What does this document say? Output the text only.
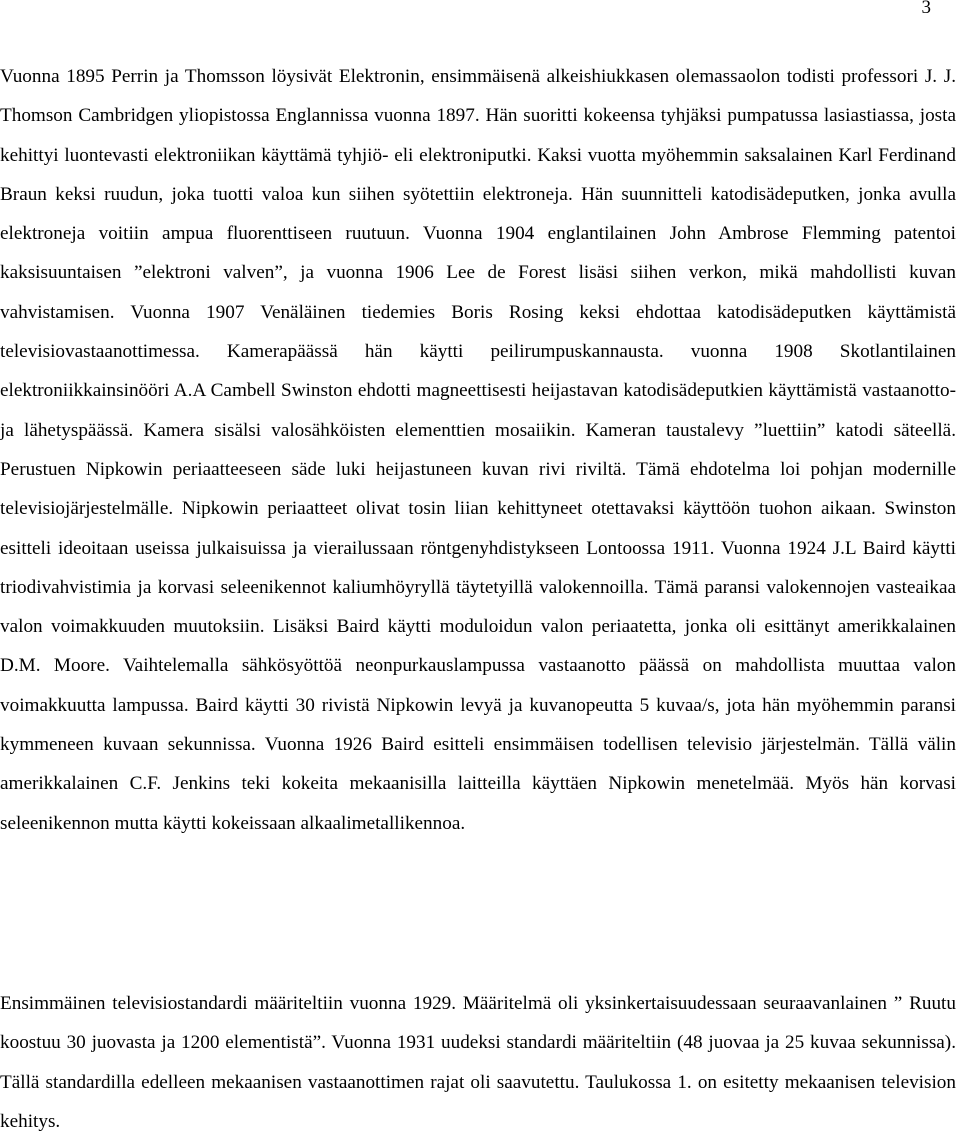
3

Vuonna 1895 Perrin ja Thomsson löysivät Elektronin, ensimmäisenä alkeishiukkasen olemassaolon todisti professori J. J. Thomson Cambridgen yliopistossa Englannissa vuonna 1897. Hän suoritti kokeensa tyhjäksi pumpatussa lasiastiassa, josta kehittyi luontevasti elektroniikan käyttämä tyhjiö- eli elektroniputki. Kaksi vuotta myöhemmin saksalainen Karl Ferdinand Braun keksi ruudun, joka tuotti valoa kun siihen syötettiin elektroneja. Hän suunnitteli katodisädeputken, jonka avulla elektroneja voitiin ampua fluorenttiseen ruutuun. Vuonna 1904 englantilainen John Ambrose Flemming patentoi kaksisuuntaisen ”elektroni valven”, ja vuonna 1906 Lee de Forest lisäsi siihen verkon, mikä mahdollisti kuvan vahvistamisen. Vuonna 1907 Venäläinen tiedemies Boris Rosing keksi ehdottaa katodisädeputken käyttämistä televisiovastaanottimessa. Kamerapäässä hän käytti peilirumpuskannausta. vuonna 1908 Skotlantilainen elektroniikkainsinööri A.A Cambell Swinston ehdotti magneettisesti heijastavan katodisädeputkien käyttämistä vastaanotto- ja lähetyspäässä. Kamera sisälsi valosähköisten elementtien mosaiikin. Kameran taustalevy ”luettiin” katodi säteellä. Perustuen Nipkowin periaatteeseen säde luki heijastuneen kuvan rivi riviltä. Tämä ehdotelma loi pohjan modernille televisiojärjestelmälle. Nipkowin periaatteet olivat tosin liian kehittyneet otettavaksi käyttöön tuohon aikaan. Swinston esitteli ideoitaan useissa julkaisuissa ja vierailussaan röntgenyhdistykseen Lontoossa 1911. Vuonna 1924 J.L Baird käytti triodivahvistimia ja korvasi seleenikennot kaliumhöyryllä täytetyillä valokennoilla. Tämä paransi valokennojen vasteaikaa valon voimakkuuden muutoksiin. Lisäksi Baird käytti moduloidun valon periaatetta, jonka oli esittänyt amerikkalainen D.M. Moore. Vaihtelemalla sähkösyöttöä neonpurkauslampussa vastaanotto päässä on mahdollista muuttaa valon voimakkuutta lampussa. Baird käytti 30 rivistä Nipkowin levyä ja kuvanopeutta 5 kuvaa/s, jota hän myöhemmin paransi kymmeneen kuvaan sekunnissa. Vuonna 1926 Baird esitteli ensimmäisen todellisen televisio järjestelmän. Tällä välin amerikkalainen C.F. Jenkins teki kokeita mekaanisilla laitteilla käyttäen Nipkowin menetelmää. Myös hän korvasi seleenikennon mutta käytti kokeissaan alkaalimetallikennoa.

Ensimmäinen televisiostandardi määriteltiin vuonna 1929. Määritelmä oli yksinkertaisuudessaan seuraavanlainen ” Ruutu koostuu 30 juovasta ja 1200 elementistä”. Vuonna 1931 uudeksi standardi määriteltiin (48 juovaa ja 25 kuvaa sekunnissa). Tällä standardilla edelleen mekaanisen vastaanottimen rajat oli saavutettu. Taulukossa 1. on esitetty mekaanisen television kehitys.
